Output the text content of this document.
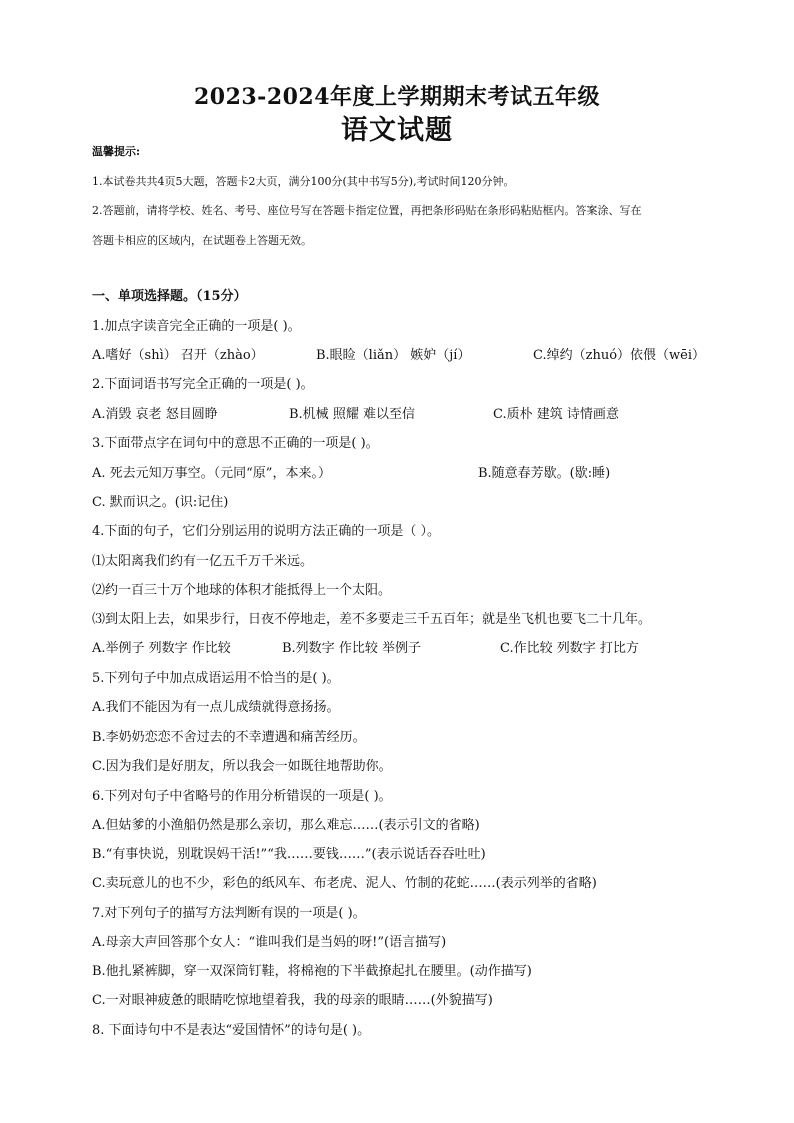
2023-2024年度上学期期末考试五年级
语文试题
温馨提示:
1.本试卷共共4页5大题，答题卡2大页，满分100分(其中书写5分),考试时间120分钟。
2.答题前，请将学校、姓名、考号、座位号写在答题卡指定位置，再把条形码贴在条形码粘贴框内。答案涂、写在
答题卡相应的区域内，在试题卷上答题无效。
一、单项选择题。（15分）
1.加点字读音完全正确的一项是( )。
A.嗜好（shì） 召开（zhào）	B.眼睑（liǎn） 嫉妒（jí）	C.绰约（zhuó）依偎（wēi）
2.下面词语书写完全正确的一项是( )。
A.消毁 哀老 怒目圆睁	B.机械 照耀 难以至信	C.质朴 建筑 诗情画意
3.下面带点字在词句中的意思不正确的一项是( )。
A. 死去元知万事空。（元同“原”，本来。）	B.随意春芳歇。(歇:睡)
C. 默而识之。(识:记住)
4.下面的句子，它们分别运用的说明方法正确的一项是（ ）。
⑴太阳离我们约有一亿五千万千米远。
⑵约一百三十万个地球的体积才能抵得上一个太阳。
⑶到太阳上去，如果步行，日夜不停地走，差不多要走三千五百年；就是坐飞机也要飞二十几年。
A.举例子 列数字 作比较	B.列数字 作比较 举例子	C.作比较 列数字 打比方
5.下列句子中加点成语运用不恰当的是( )。
A.我们不能因为有一点儿成绩就得意扬扬。
B.李奶奶恋恋不舍过去的不幸遭遇和痛苦经历。
C.因为我们是好朋友，所以我会一如既往地帮助你。
6.下列对句子中省略号的作用分析错误的一项是( )。
A.但姑爹的小渔船仍然是那么亲切，那么难忘……(表示引文的省略)
B.“有事快说，别耽误妈干活!”“我……要钱……”(表示说话吞吞吐吐)
C.卖玩意儿的也不少，彩色的纸风车、布老虎、泥人、竹制的花蛇……(表示列举的省略)
7.对下列句子的描写方法判断有误的一项是( )。
A.母亲大声回答那个女人：“谁叫我们是当妈的呀!”(语言描写)
B.他扎紧裤脚，穿一双深筒钉鞋，将棉袍的下半截撩起扎在腰里。(动作描写)
C.一对眼神疲惫的眼睛吃惊地望着我，我的母亲的眼睛……(外貌描写)
8. 下面诗句中不是表达“爱国情怀”的诗句是( )。
